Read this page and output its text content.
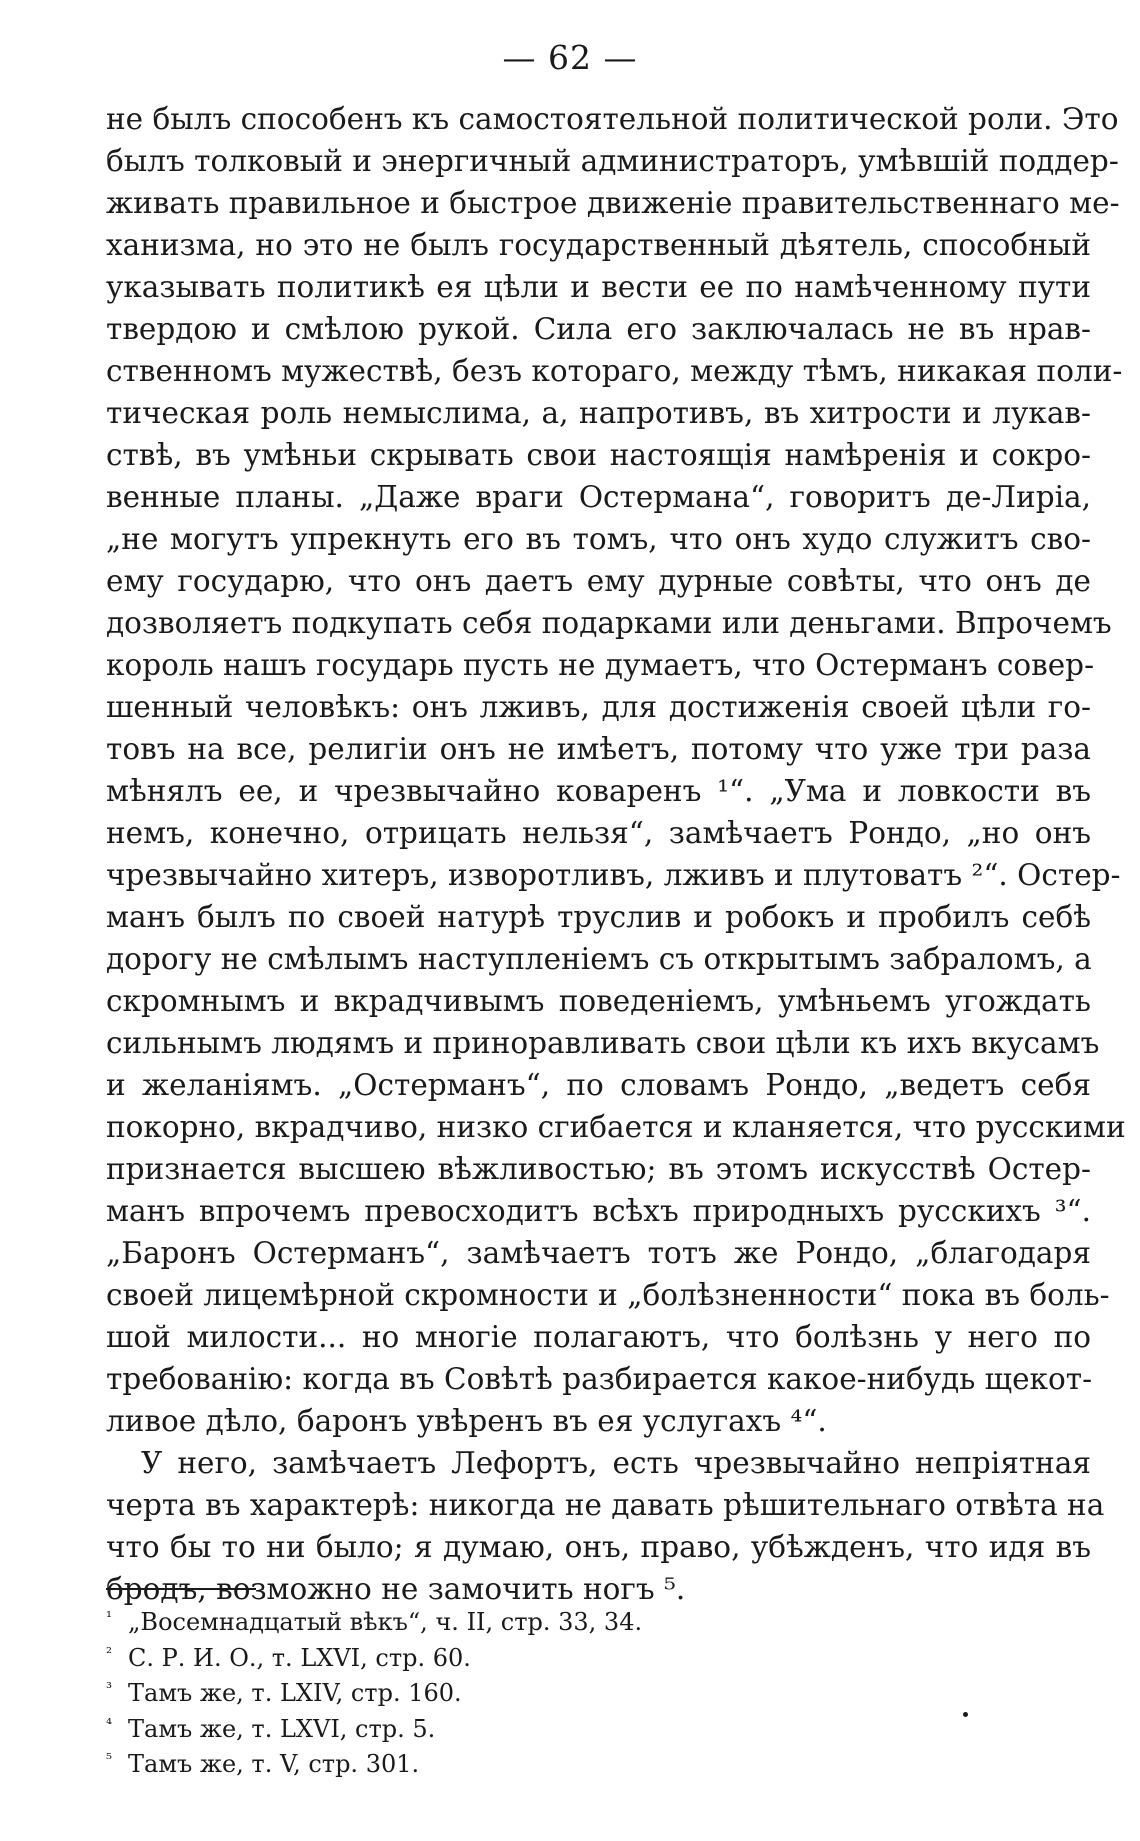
— 62 —
не былъ способенъ къ самостоятельной политической роли. Это
былъ толковый и энергичный администраторъ, умѣвшій поддер-
живать правильное и быстрое движеніе правительственнаго ме-
ханизма, но это не былъ государственный дѣятель, способный
указывать политикѣ ея цѣли и вести ее по намѣченному пути
твердою и смѣлою рукой. Сила его заключалась не въ нрав-
ственномъ мужествѣ, безъ котораго, между тѣмъ, никакая поли-
тическая роль немыслима, а, напротивъ, въ хитрости и лукав-
ствѣ, въ умѣньи скрывать свои настоящія намѣренія и сокро-
венные планы. „Даже враги Остермана“, говоритъ де-Лиріа,
„не могутъ упрекнуть его въ томъ, что онъ худо служитъ сво-
ему государю, что онъ даетъ ему дурные совѣты, что онъ де
дозволяетъ подкупать себя подарками или деньгами. Впрочемъ
король нашъ государь пусть не думаетъ, что Остерманъ совер-
шенный человѣкъ: онъ лживъ, для достиженія своей цѣли го-
товъ на все, религіи онъ не имѣетъ, потому что уже три раза
мѣнялъ ее, и чрезвычайно коваренъ ¹“. „Ума и ловкости въ
немъ, конечно, отрицать нельзя“, замѣчаетъ Рондо, „но онъ
чрезвычайно хитеръ, изворотливъ, лживъ и плутоватъ ²“. Остер-
манъ былъ по своей натурѣ труслив и робокъ и пробилъ себѣ
дорогу не смѣлымъ наступленіемъ съ открытымъ забраломъ, а
скромнымъ и вкрадчивымъ поведеніемъ, умѣньемъ угождать
сильнымъ людямъ и приноравливать свои цѣли къ ихъ вкусамъ
и желаніямъ. „Остерманъ“, по словамъ Рондо, „ведетъ себя
покорно, вкрадчиво, низко сгибается и кланяется, что русскими
признается высшею вѣжливостью; въ этомъ искусствѣ Остер-
манъ впрочемъ превосходитъ всѣхъ природныхъ русскихъ ³“.
„Баронъ Остерманъ“, замѣчаетъ тотъ же Рондо, „благодаря
своей лицемѣрной скромности и „болѣзненности“ пока въ боль-
шой милости... но многіе полагаютъ, что болѣзнь у него по
требованію: когда въ Совѣтѣ разбирается какое-нибудь щекот-
ливое дѣло, баронъ увѣренъ въ ея услугахъ ⁴“.
У него, замѣчаетъ Лефортъ, есть чрезвычайно непріятная
черта въ характерѣ: никогда не давать рѣшительнаго отвѣта на
что бы то ни было; я думаю, онъ, право, убѣжденъ, что идя въ
бродъ, возможно не замочить ногъ ⁵.
¹ „Восемнадцатый вѣкъ“, ч. II, стр. 33, 34.
² С. Р. И. О., т. LXVI, стр. 60.
³ Тамъ же, т. LXIV, стр. 160.
⁴ Тамъ же, т. LXVI, стр. 5.
⁵ Тамъ же, т. V, стр. 301.
